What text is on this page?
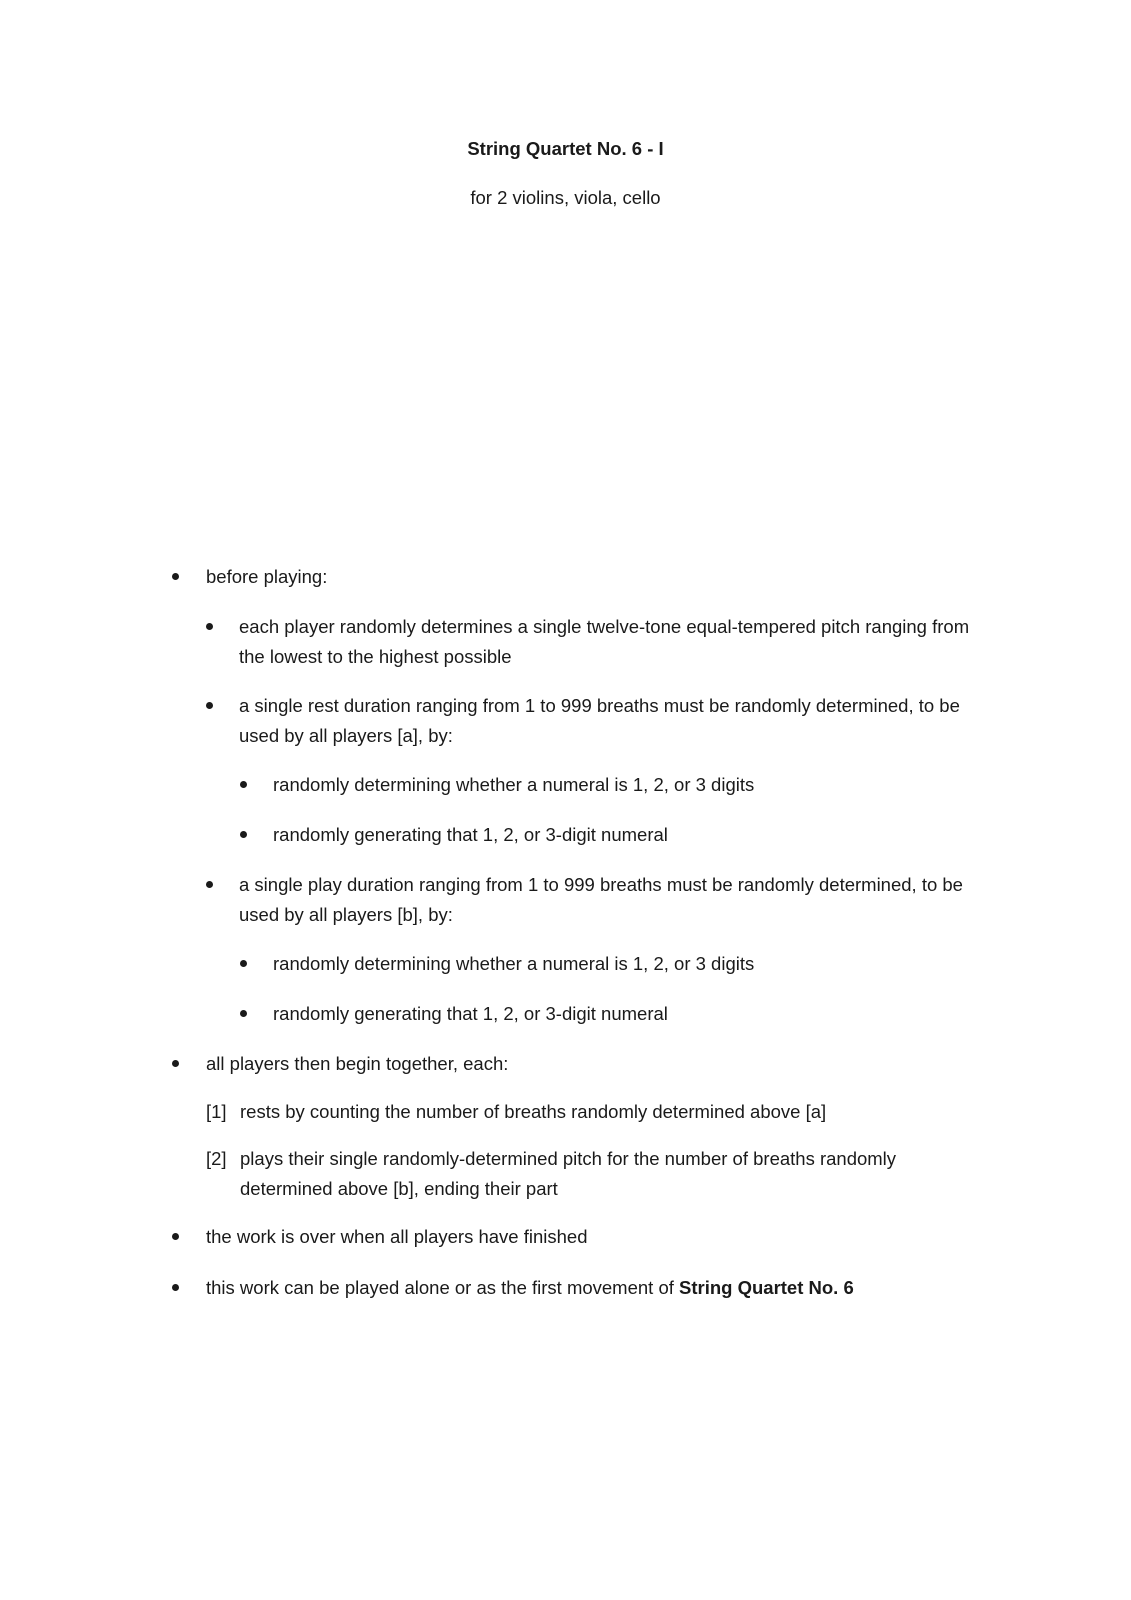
String Quartet No. 6 - I
for 2 violins, viola, cello
before playing:
each player randomly determines a single twelve-tone equal-tempered pitch ranging from the lowest to the highest possible
a single rest duration ranging from 1 to 999 breaths must be randomly determined, to be used by all players [a], by:
randomly determining whether a numeral is 1, 2, or 3 digits
randomly generating that 1, 2, or 3-digit numeral
a single play duration ranging from 1 to 999 breaths must be randomly determined, to be used by all players [b], by:
randomly determining whether a numeral is 1, 2, or 3 digits
randomly generating that 1, 2, or 3-digit numeral
all players then begin together, each:
[1] rests by counting the number of breaths randomly determined above [a]
[2] plays their single randomly-determined pitch for the number of breaths randomly determined above [b], ending their part
the work is over when all players have finished
this work can be played alone or as the first movement of String Quartet No. 6
